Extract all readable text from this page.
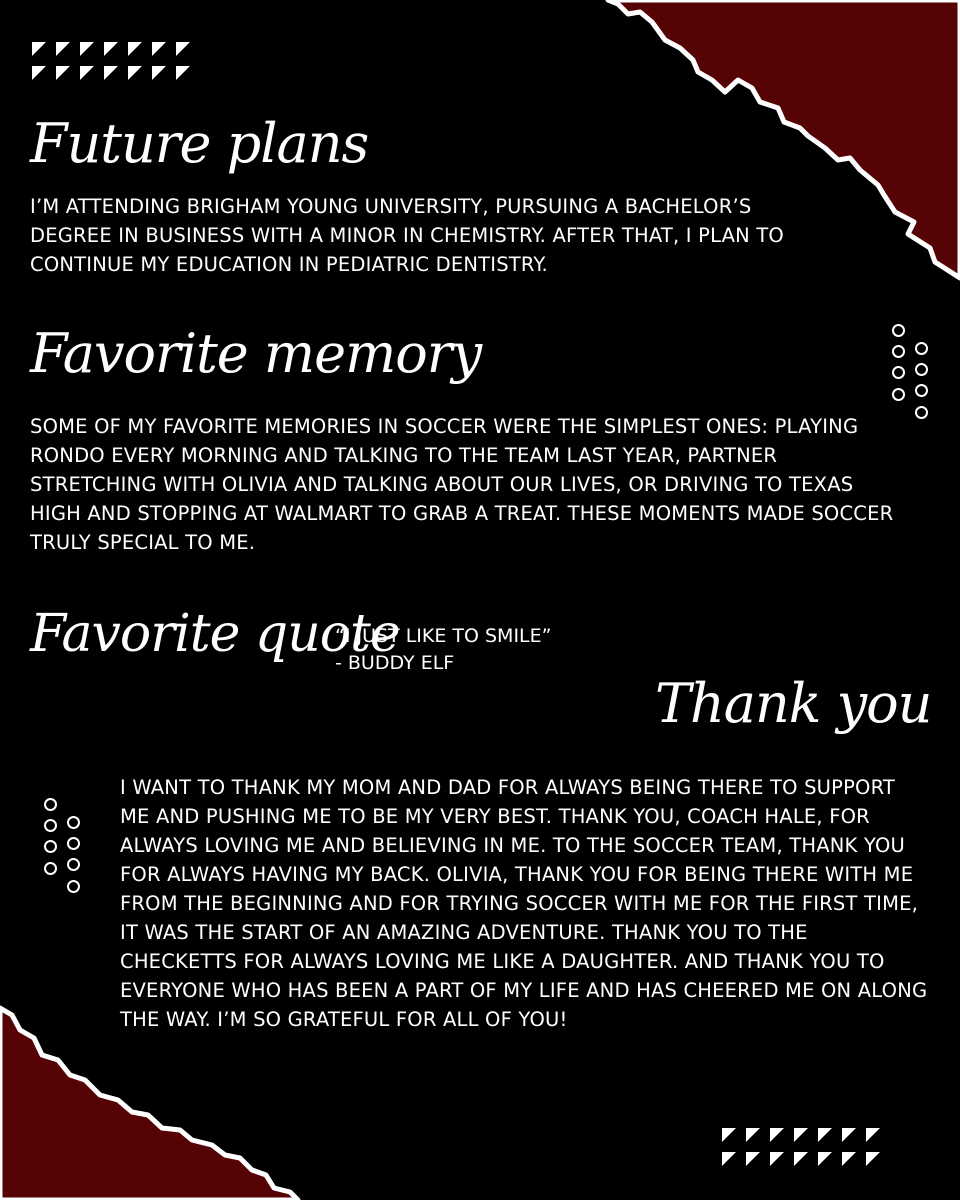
Future plans

I’M ATTENDING BRIGHAM YOUNG UNIVERSITY, PURSUING A BACHELOR’S DEGREE IN BUSINESS WITH A MINOR IN CHEMISTRY. AFTER THAT, I PLAN TO CONTINUE MY EDUCATION IN PEDIATRIC DENTISTRY.

Favorite memory

SOME OF MY FAVORITE MEMORIES IN SOCCER WERE THE SIMPLEST ONES: PLAYING RONDO EVERY MORNING AND TALKING TO THE TEAM LAST YEAR, PARTNER STRETCHING WITH OLIVIA AND TALKING ABOUT OUR LIVES, OR DRIVING TO TEXAS HIGH AND STOPPING AT WALMART TO GRAB A TREAT. THESE MOMENTS MADE SOCCER TRULY SPECIAL TO ME.

Favorite quote
“I JUST LIKE TO SMILE”
- BUDDY ELF
Thank you

I WANT TO THANK MY MOM AND DAD FOR ALWAYS BEING THERE TO SUPPORT ME AND PUSHING ME TO BE MY VERY BEST. THANK YOU, COACH HALE, FOR ALWAYS LOVING ME AND BELIEVING IN ME. TO THE SOCCER TEAM, THANK YOU FOR ALWAYS HAVING MY BACK. OLIVIA, THANK YOU FOR BEING THERE WITH ME FROM THE BEGINNING AND FOR TRYING SOCCER WITH ME FOR THE FIRST TIME, IT WAS THE START OF AN AMAZING ADVENTURE. THANK YOU TO THE CHECKETTS FOR ALWAYS LOVING ME LIKE A DAUGHTER. AND THANK YOU TO EVERYONE WHO HAS BEEN A PART OF MY LIFE AND HAS CHEERED ME ON ALONG THE WAY. I’M SO GRATEFUL FOR ALL OF YOU!
